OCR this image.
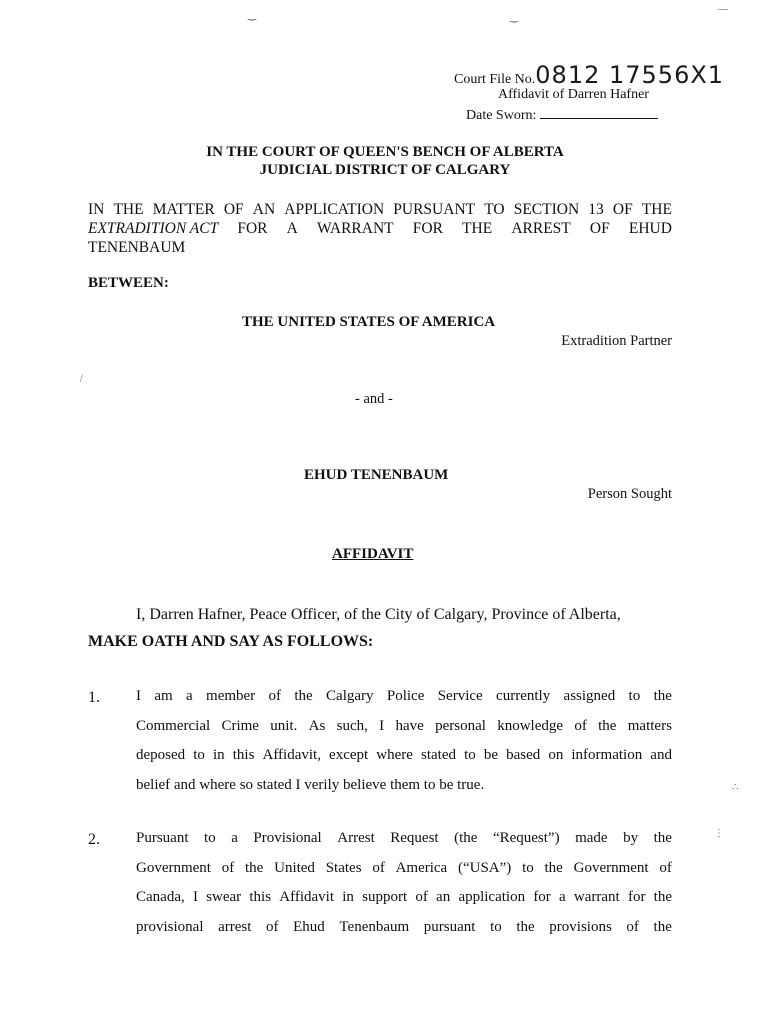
‿	‿
—
/
∴
⋮
Court File No.0812 17556X1
Affidavit of Darren Hafner
Date Sworn:
IN THE COURT OF QUEEN'S BENCH OF ALBERTA
JUDICIAL DISTRICT OF CALGARY
IN THE MATTER OF AN APPLICATION PURSUANT TO SECTION 13 OF THE
EXTRADITION ACT FOR A WARRANT FOR THE ARREST OF EHUD
TENENBAUM
BETWEEN:
THE UNITED STATES OF AMERICA
Extradition Partner
- and -
EHUD TENENBAUM
Person Sought
AFFIDAVIT
I, Darren Hafner, Peace Officer, of the City of Calgary, Province of Alberta,
MAKE OATH AND SAY AS FOLLOWS:
1. I am a member of the Calgary Police Service currently assigned to the
Commercial Crime unit. As such, I have personal knowledge of the matters
deposed to in this Affidavit, except where stated to be based on information and
belief and where so stated I verily believe them to be true.
2. Pursuant to a Provisional Arrest Request (the “Request”) made by the
Government of the United States of America (“USA”) to the Government of
Canada, I swear this Affidavit in support of an application for a warrant for the
provisional arrest of Ehud Tenenbaum pursuant to the provisions of the
